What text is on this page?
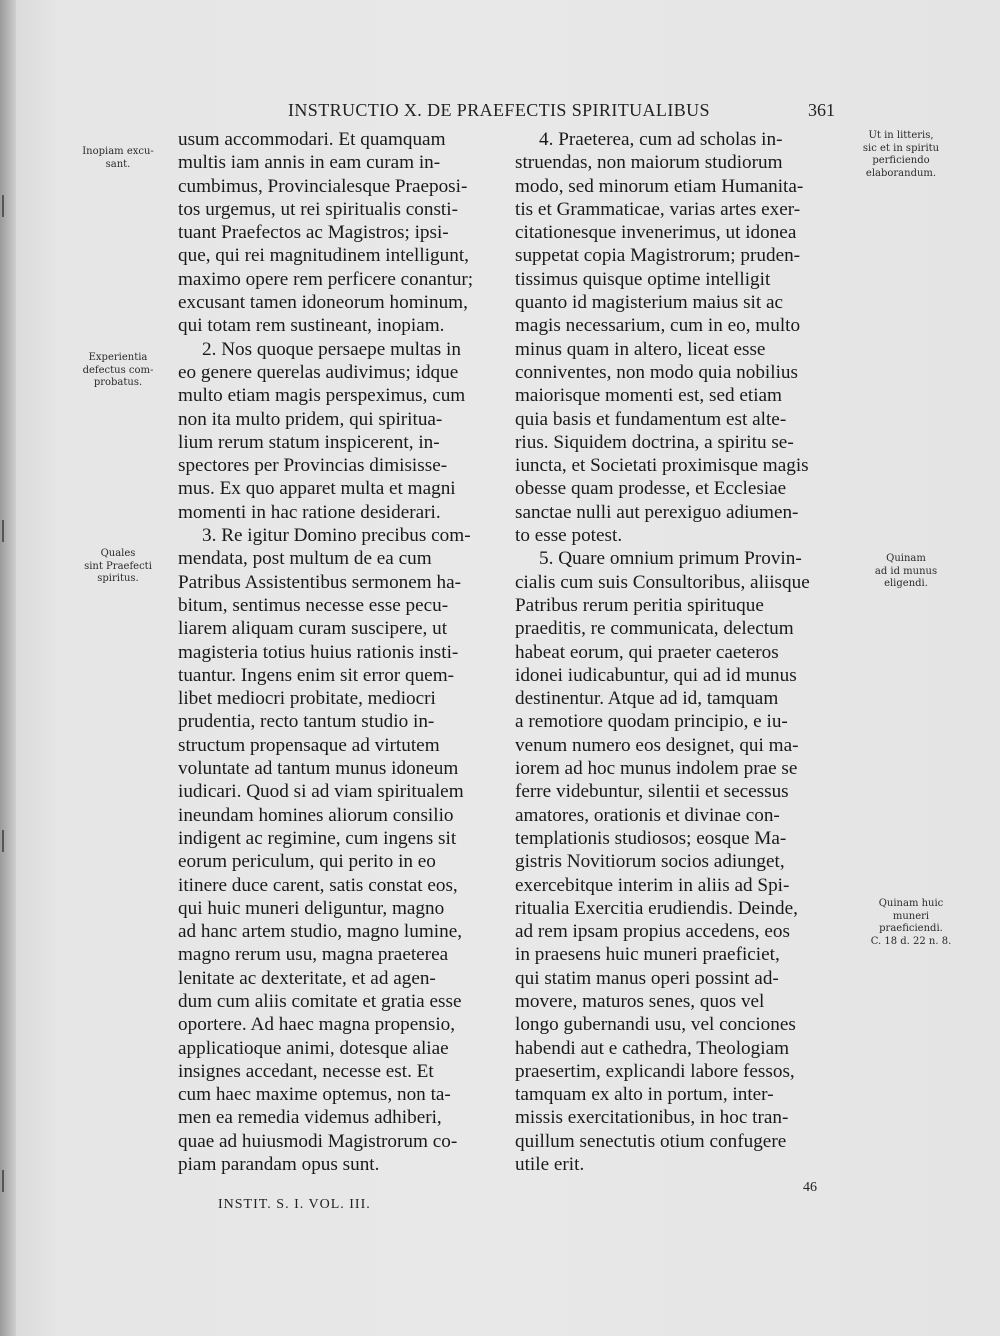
INSTRUCTIO X. DE PRAEFECTIS SPIRITUALIBUS	361
usum accommodari. Et quamquam
multis iam annis in eam curam in-
cumbimus, Provincialesque Praeposi-
tos urgemus, ut rei spiritualis consti-
tuant Praefectos ac Magistros; ipsi-
que, qui rei magnitudinem intelligunt,
maximo opere rem perficere conantur;
excusant tamen idoneorum hominum,
qui totam rem sustineant, inopiam.
2. Nos quoque persaepe multas in
eo genere querelas audivimus; idque
multo etiam magis perspeximus, cum
non ita multo pridem, qui spiritua-
lium rerum statum inspicerent, in-
spectores per Provincias dimisisse-
mus. Ex quo apparet multa et magni
momenti in hac ratione desiderari.
3. Re igitur Domino precibus com-
mendata, post multum de ea cum
Patribus Assistentibus sermonem ha-
bitum, sentimus necesse esse pecu-
liarem aliquam curam suscipere, ut
magisteria totius huius rationis insti-
tuantur. Ingens enim sit error quem-
libet mediocri probitate, mediocri
prudentia, recto tantum studio in-
structum propensaque ad virtutem
voluntate ad tantum munus idoneum
iudicari. Quod si ad viam spiritualem
ineundam homines aliorum consilio
indigent ac regimine, cum ingens sit
eorum periculum, qui perito in eo
itinere duce carent, satis constat eos,
qui huic muneri deliguntur, magno
ad hanc artem studio, magno lumine,
magno rerum usu, magna praeterea
lenitate ac dexteritate, et ad agen-
dum cum aliis comitate et gratia esse
oportere. Ad haec magna propensio,
applicatioque animi, dotesque aliae
insignes accedant, necesse est. Et
cum haec maxime optemus, non ta-
men ea remedia videmus adhiberi,
quae ad huiusmodi Magistrorum co-
piam parandam opus sunt.
4. Praeterea, cum ad scholas in-
struendas, non maiorum studiorum
modo, sed minorum etiam Humanita-
tis et Grammaticae, varias artes exer-
citationesque invenerimus, ut idonea
suppetat copia Magistrorum; pruden-
tissimus quisque optime intelligit
quanto id magisterium maius sit ac
magis necessarium, cum in eo, multo
minus quam in altero, liceat esse
conniventes, non modo quia nobilius
maiorisque momenti est, sed etiam
quia basis et fundamentum est alte-
rius. Siquidem doctrina, a spiritu se-
iuncta, et Societati proximisque magis
obesse quam prodesse, et Ecclesiae
sanctae nulli aut perexiguo adiumen-
to esse potest.
5. Quare omnium primum Provin-
cialis cum suis Consultoribus, aliisque
Patribus rerum peritia spirituque
praeditis, re communicata, delectum
habeat eorum, qui praeter caeteros
idonei iudicabuntur, qui ad id munus
destinentur. Atque ad id, tamquam
a remotiore quodam principio, e iu-
venum numero eos designet, qui ma-
iorem ad hoc munus indolem prae se
ferre videbuntur, silentii et secessus
amatores, orationis et divinae con-
templationis studiosos; eosque Ma-
gistris Novitiorum socios adiunget,
exercebitque interim in aliis ad Spi-
ritualia Exercitia erudiendis. Deinde,
ad rem ipsam propius accedens, eos
in praesens huic muneri praeficiet,
qui statim manus operi possint ad-
movere, maturos senes, quos vel
longo gubernandi usu, vel conciones
habendi aut e cathedra, Theologiam
praesertim, explicandi labore fessos,
tamquam ex alto in portum, inter-
missis exercitationibus, in hoc tran-
quillum senectutis otium confugere
utile erit.
Inopiam excu-
sant.
Experientia
defectus com-
probatus.
Quales
sint Praefecti
spiritus.
Ut in litteris,
sic et in spiritu
perficiendo
elaborandum.
Quinam
ad id munus
eligendi.
Quinam huic
muneri
praeficiendi.
C. 18 d. 22 n. 8.
INSTIT. S. I. VOL. III.
46
